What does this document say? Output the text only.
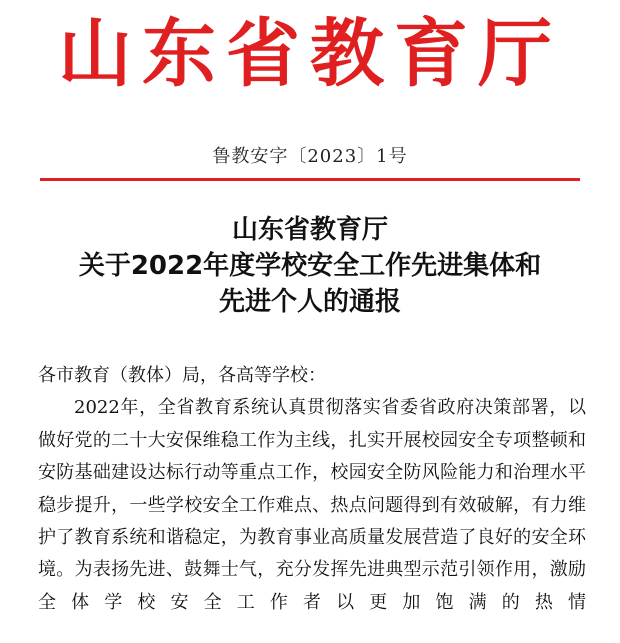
山东省教育厅
鲁教安字〔2023〕1号
山东省教育厅
关于2022年度学校安全工作先进集体和
先进个人的通报
各市教育（教体）局，各高等学校：
2022年，全省教育系统认真贯彻落实省委省政府决策部署，以做好党的二十大安保维稳工作为主线，扎实开展校园安全专项整顿和安防基础建设达标行动等重点工作，校园安全防风险能力和治理水平稳步提升，一些学校安全工作难点、热点问题得到有效破解，有力维护了教育系统和谐稳定，为教育事业高质量发展营造了良好的安全环境。为表扬先进、鼓舞士气，充分发挥先进典型示范引领作用，激励全体学校安全工作者以更加饱满的热情
